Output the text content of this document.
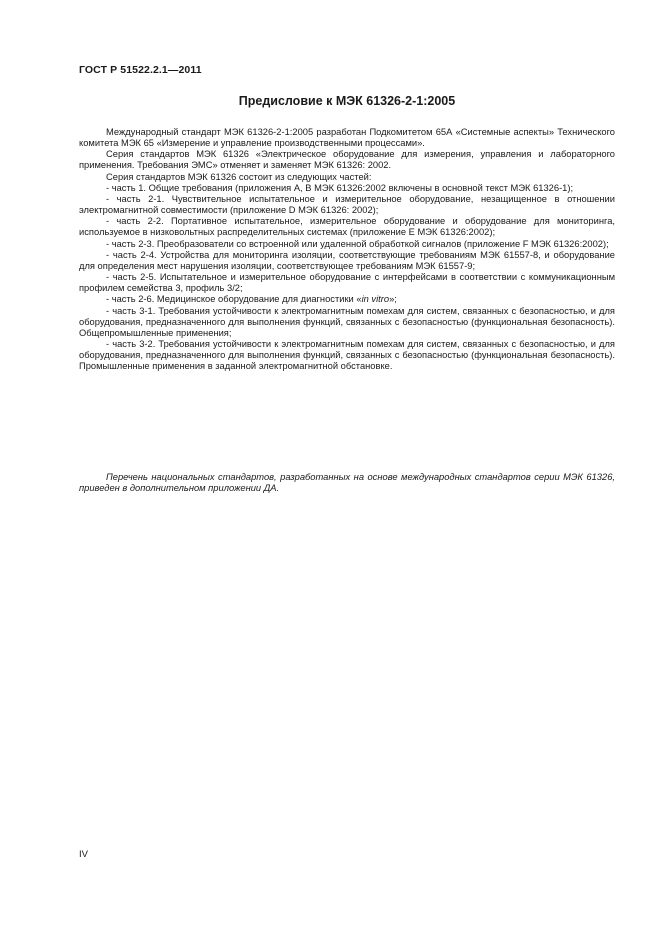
ГОСТ Р 51522.2.1—2011
Предисловие к МЭК 61326-2-1:2005

Международный стандарт МЭК 61326-2-1:2005 разработан Подкомитетом 65А «Системные аспекты» Технического комитета МЭК 65 «Измерение и управление производственными процессами».

Серия стандартов МЭК 61326 «Электрическое оборудование для измерения, управления и лабораторного применения. Требования ЭМС» отменяет и заменяет МЭК 61326: 2002.

Серия стандартов МЭК 61326 состоит из следующих частей:

- часть 1. Общие требования (приложения А, В МЭК 61326:2002 включены в основной текст МЭК 61326-1);

- часть 2-1. Чувствительное испытательное и измерительное оборудование, незащищенное в отношении электромагнитной совместимости (приложение D МЭК 61326: 2002);

- часть 2-2. Портативное испытательное, измерительное оборудование и оборудование для мониторинга, используемое в низковольтных распределительных системах (приложение Е МЭК 61326:2002);

- часть 2-3. Преобразователи со встроенной или удаленной обработкой сигналов (приложение F МЭК 61326:2002);

- часть 2-4. Устройства для мониторинга изоляции, соответствующие требованиям МЭК 61557-8, и оборудование для определения мест нарушения изоляции, соответствующее требованиям МЭК 61557-9;

- часть 2-5. Испытательное и измерительное оборудование с интерфейсами в соответствии с коммуникационным профилем семейства 3, профиль 3/2;

- часть 2-6. Медицинское оборудование для диагностики «in vitro»;

- часть 3-1. Требования устойчивости к электромагнитным помехам для систем, связанных с безопасностью, и для оборудования, предназначенного для выполнения функций, связанных с безопасностью (функциональная безопасность). Общепромышленные применения;

- часть 3-2. Требования устойчивости к электромагнитным помехам для систем, связанных с безопасностью, и для оборудования, предназначенного для выполнения функций, связанных с безопасностью (функциональная безопасность). Промышленные применения в заданной электромагнитной обстановке.

Перечень национальных стандартов, разработанных на основе международных стандартов серии МЭК 61326, приведен в дополнительном приложении ДА.

IV
